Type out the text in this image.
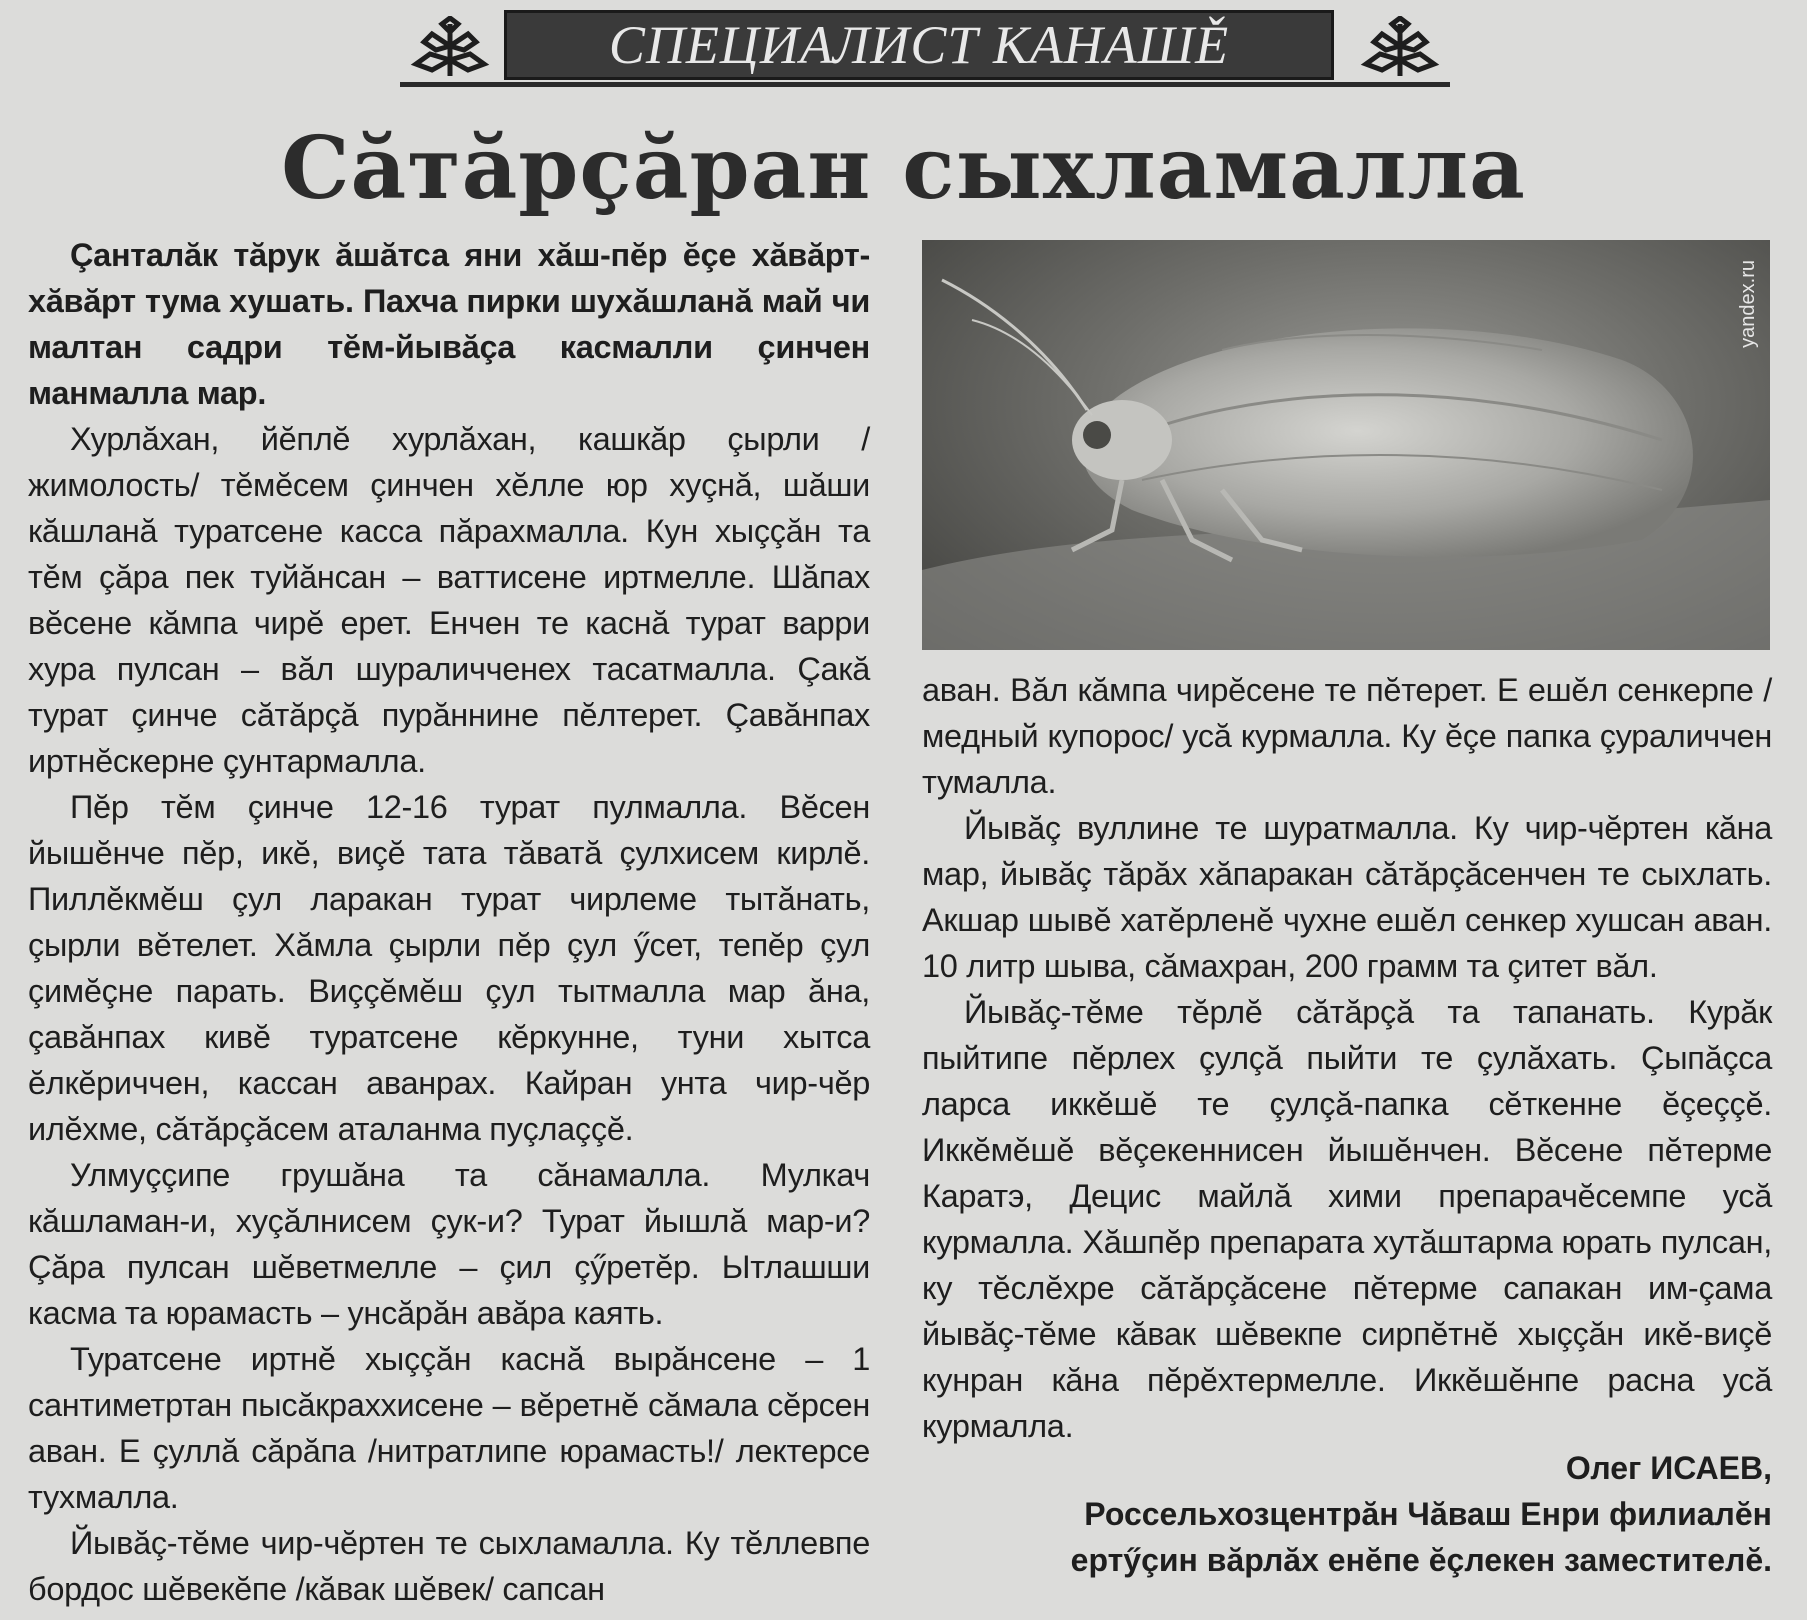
СПЕЦИАЛИСТ КАНАШĚ
Сăтăрçăран сыхламалла

Çанталăк тăрук ăшăтса яни хăш-пĕр ĕçе хăвăрт-хăвăрт тума хушать. Пахча пирки шухăшланă май чи малтан садри тĕм-йывăçа касмалли çинчен манмалла мар.

Хурлăхан, йĕплĕ хурлăхан, кашкăр çырли /жимолость/ тĕмĕсем çинчен хĕлле юр хуçнă, шăши кăшланă туратсене касса пăрахмалла. Кун хыççăн та тĕм çăра пек туйăнсан – ваттисене иртмелле. Шăпах вĕсене кăмпа чирĕ ерет. Енчен те каснă турат варри хура пулсан – вăл шураличченех тасатмалла. Çакă турат çинче сăтăрçă пурăннине пĕлтерет. Çавăнпах иртнĕскерне çунтармалла.

Пĕр тĕм çинче 12-16 турат пулмалла. Вĕсен йышĕнче пĕр, икĕ, виçĕ тата тăватă çулхисем кирлĕ. Пиллĕкмĕш çул ларакан турат чирлеме тытăнать, çырли вĕтелет. Хăмла çырли пĕр çул ӳсет, тепĕр çул çимĕçне парать. Виççĕмĕш çул тытмалла мар ăна, çавăнпах кивĕ туратсене кĕркунне, туни хытса ĕлкĕриччен, кассан аванрах. Кайран унта чир-чĕр илĕхме, сăтăрçăсем аталанма пуçлаççĕ.

Улмуççипе грушăна та сăнамалла. Мулкач кăшламан-и, хуçăлнисем çук-и? Турат йышлă мар-и? Çăра пулсан шĕветмелле – çил çӳретĕр. Ытлашши касма та юрамасть – унсăрăн авăра каять.

Туратсене иртнĕ хыççăн каснă вырăнсене – 1 сантиметртан пысăкраххисене – вĕретнĕ сăмала сĕрсен аван. Е çуллă сăрăпа /нитратлипе юрамасть!/ лектерсе тухмалла.

Йывăç-тĕме чир-чĕртен те сыхламалла. Ку тĕллевпе бордос шĕвекĕпе /кăвак шĕвек/ сапсан

yandex.ru

аван. Вăл кăмпа чирĕсене те пĕтерет. Е ешĕл сенкерпе /медный купорос/ усă курмалла. Ку ĕçе папка çураличчен тумалла.

Йывăç вуллине те шуратмалла. Ку чир-чĕртен кăна мар, йывăç тăрăх хăпаракан сăтăрçăсенчен те сыхлать. Акшар шывĕ хатĕрленĕ чухне ешĕл сенкер хушсан аван. 10 литр шыва, сăмахран, 200 грамм та çитет вăл.

Йывăç-тĕме тĕрлĕ сăтăрçă та тапанать. Курăк пыйтипе пĕрлех çулçă пыйти те çулăхать. Çыпăçса ларса иккĕшĕ те çулçă-папка сĕткенне ĕçеççĕ. Иккĕмĕшĕ вĕçекеннисен йышĕнчен. Вĕсене пĕтерме Каратэ, Децис майлă хими препарачĕсемпе усă курмалла. Хăшпĕр препарата хутăштарма юрать пулсан, ку тĕслĕхре сăтăрçăсене пĕтерме сапакан им-çама йывăç-тĕме кăвак шĕвекпе сирпĕтнĕ хыççăн икĕ-виçĕ кунран кăна пĕрĕхтермелле. Иккĕшĕнпе расна усă курмалла.

Олег ИСАЕВ,
Россельхозцентрăн Чăваш Енри филиалĕн
ертӳçин вăрлăх енĕпе ĕçлекен заместителĕ.
